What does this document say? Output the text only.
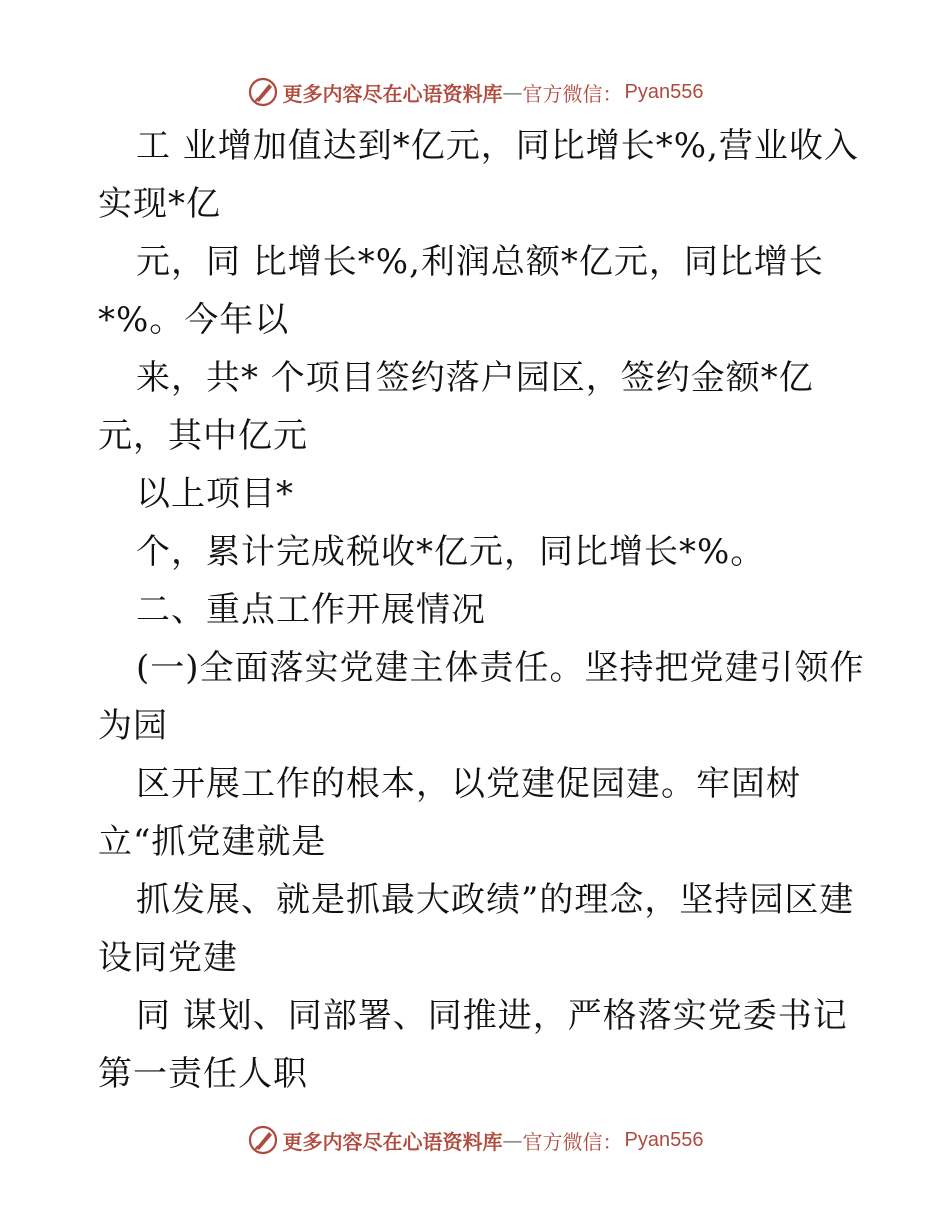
更多内容尽在心语资料库 — 官方微信： Pyan556
工 业增加值达到*亿元，同比增长*%,营业收入
实现*亿
元，同 比增长*%,利润总额*亿元，同比增长
*%。今年以
来，共* 个项目签约落户园区，签约金额*亿
元，其中亿元
以上项目*
个，累计完成税收*亿元，同比增长*%。
二、重点工作开展情况
(一)全面落实党建主体责任。坚持把党建引领作
为园
区开展工作的根本，以党建促园建。牢固树
立“抓党建就是
抓发展、就是抓最大政绩”的理念，坚持园区建
设同党建
同 谋划、同部署、同推进，严格落实党委书记
第一责任人职
更多内容尽在心语资料库 — 官方微信： Pyan556
